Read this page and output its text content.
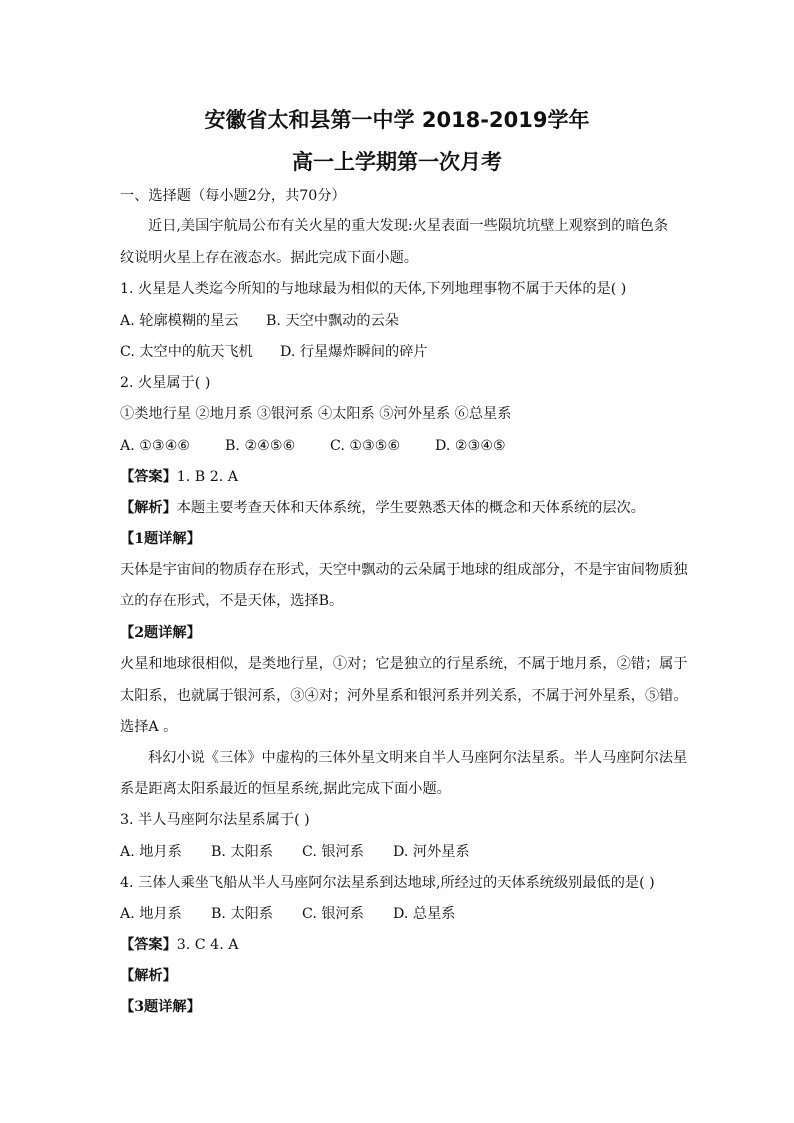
安徽省太和县第一中学 2018-2019学年
高一上学期第一次月考
一、选择题（每小题2分，共70分）
近日,美国宇航局公布有关火星的重大发现:火星表面一些陨坑坑壁上观察到的暗色条
纹说明火星上存在液态水。据此完成下面小题。
1. 火星是人类迄今所知的与地球最为相似的天体,下列地理事物不属于天体的是( )
A. 轮廓模糊的星云 B. 天空中飘动的云朵
C. 太空中的航天飞机 D. 行星爆炸瞬间的碎片
2. 火星属于( )
①类地行星 ②地月系 ③银河系 ④太阳系 ⑤河外星系 ⑥总星系
A. ①③④⑥ B. ②④⑤⑥ C. ①③⑤⑥ D. ②③④⑤
【答案】1. B 2. A
【解析】本题主要考查天体和天体系统，学生要熟悉天体的概念和天体系统的层次。
【1题详解】
天体是宇宙间的物质存在形式，天空中飘动的云朵属于地球的组成部分，不是宇宙间物质独
立的存在形式，不是天体，选择B。
【2题详解】
火星和地球很相似，是类地行星，①对；它是独立的行星系统，不属于地月系，②错；属于
太阳系，也就属于银河系，③④对；河外星系和银河系并列关系，不属于河外星系，⑤错。
选择A 。
科幻小说《三体》中虚构的三体外星文明来自半人马座阿尔法星系。半人马座阿尔法星
系是距离太阳系最近的恒星系统,据此完成下面小题。
3. 半人马座阿尔法星系属于( )
A. 地月系 B. 太阳系 C. 银河系 D. 河外星系
4. 三体人乘坐飞船从半人马座阿尔法星系到达地球,所经过的天体系统级别最低的是( )
A. 地月系 B. 太阳系 C. 银河系 D. 总星系
【答案】3. C 4. A
【解析】
【3题详解】
